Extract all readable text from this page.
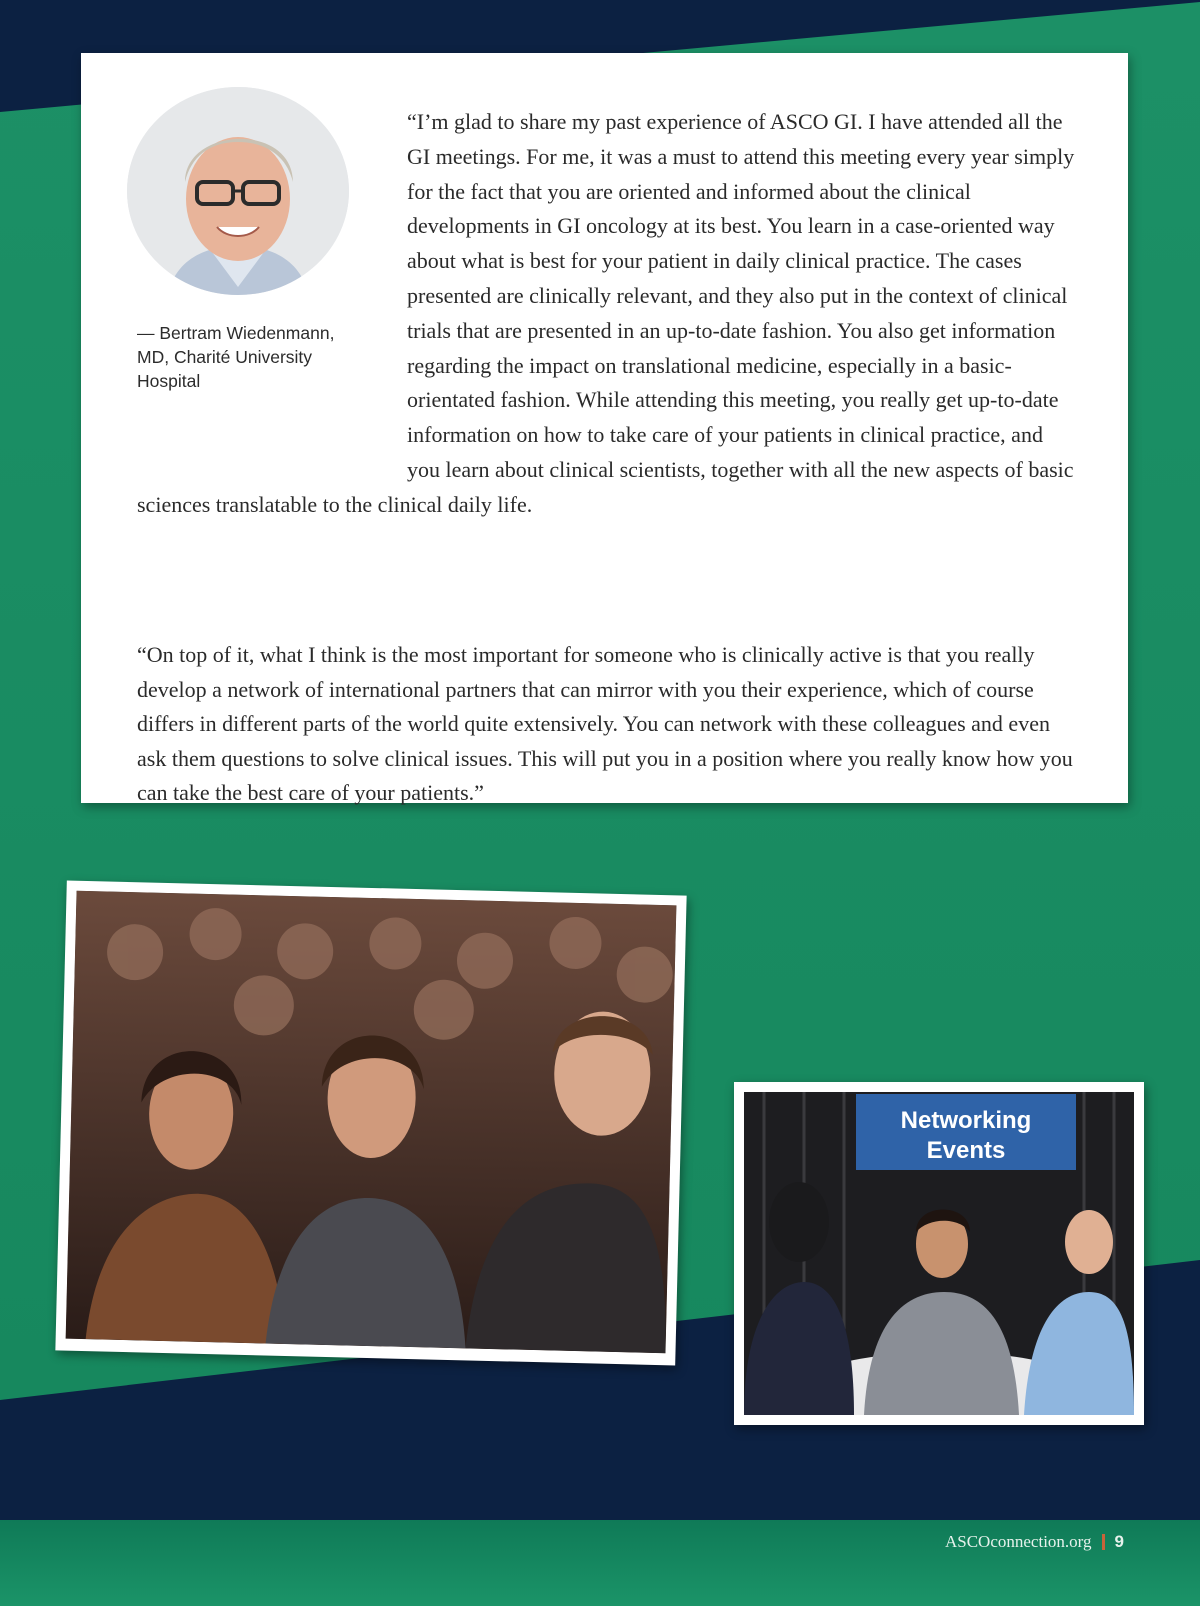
— Bertram Wiedenmann, MD, Charité University Hospital

“I’m glad to share my past experience of ASCO GI. I have attended all the GI meetings. For me, it was a must to attend this meeting every year simply for the fact that you are oriented and informed about the clinical developments in GI oncology at its best. You learn in a case-oriented way about what is best for your patient in daily clinical practice. The cases presented are clinically relevant, and they also put in the context of clinical trials that are presented in an up-to-date fashion. You also get information regarding the impact on translational medicine, especially in a basic-orientated fashion. While attending this meeting, you really get up-to-date information on how to take care of your patients in clinical practice, and you learn about clinical scientists, together with all the new aspects of basic sciences translatable to the clinical daily life.

“On top of it, what I think is the most important for someone who is clinically active is that you really develop a network of international partners that can mirror with you their experience, which of course differs in different parts of the world quite extensively. You can network with these colleagues and even ask them questions to solve clinical issues. This will put you in a position where you really know how you can take the best care of your patients.”

Networking
Events
ASCOconnection.org 9
